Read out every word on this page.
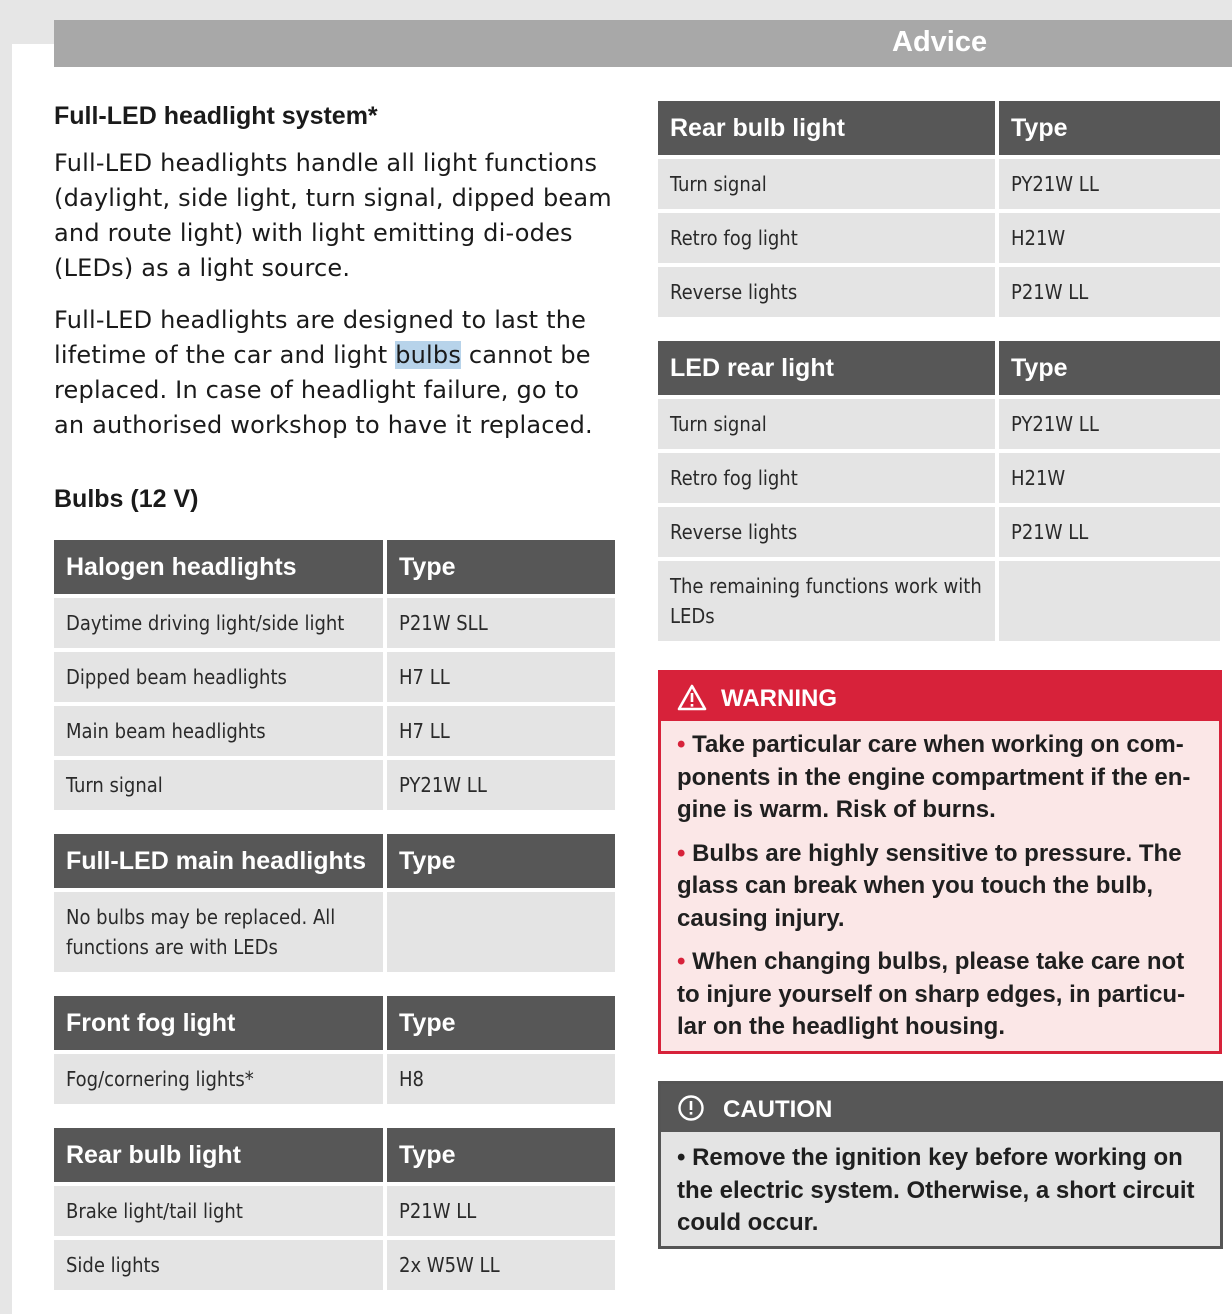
Advice
Full-LED headlight system*

Full-LED headlights handle all light functions (daylight, side light, turn signal, dipped beam and route light) with light emitting di-odes (LEDs) as a light source.

Full-LED headlights are designed to last the lifetime of the car and light bulbs cannot be replaced. In case of headlight failure, go to an authorised workshop to have it replaced.

Bulbs (12 V)
Halogen headlights	Type
Daytime driving light/side light	P21W SLL
Dipped beam headlights	H7 LL
Main beam headlights	H7 LL
Turn signal	PY21W LL
Full-LED main headlights	Type
No bulbs may be replaced. All functions are with LEDs	
Front fog light	Type
Fog/cornering lights*	H8
Rear bulb light	Type
Brake light/tail light	P21W LL
Side lights	2x W5W LL
Rear bulb light	Type
Turn signal	PY21W LL
Retro fog light	H21W
Reverse lights	P21W LL
LED rear light	Type
Turn signal	PY21W LL
Retro fog light	H21W
Reverse lights	P21W LL
The remaining functions work with LEDs	
WARNING
• Take particular care when working on com-ponents in the engine compartment if the en-gine is warm. Risk of burns.
• Bulbs are highly sensitive to pressure. The glass can break when you touch the bulb, causing injury.
• When changing bulbs, please take care not to injure yourself on sharp edges, in particu-lar on the headlight housing.
CAUTION
• Remove the ignition key before working on the electric system. Otherwise, a short circuit could occur.
